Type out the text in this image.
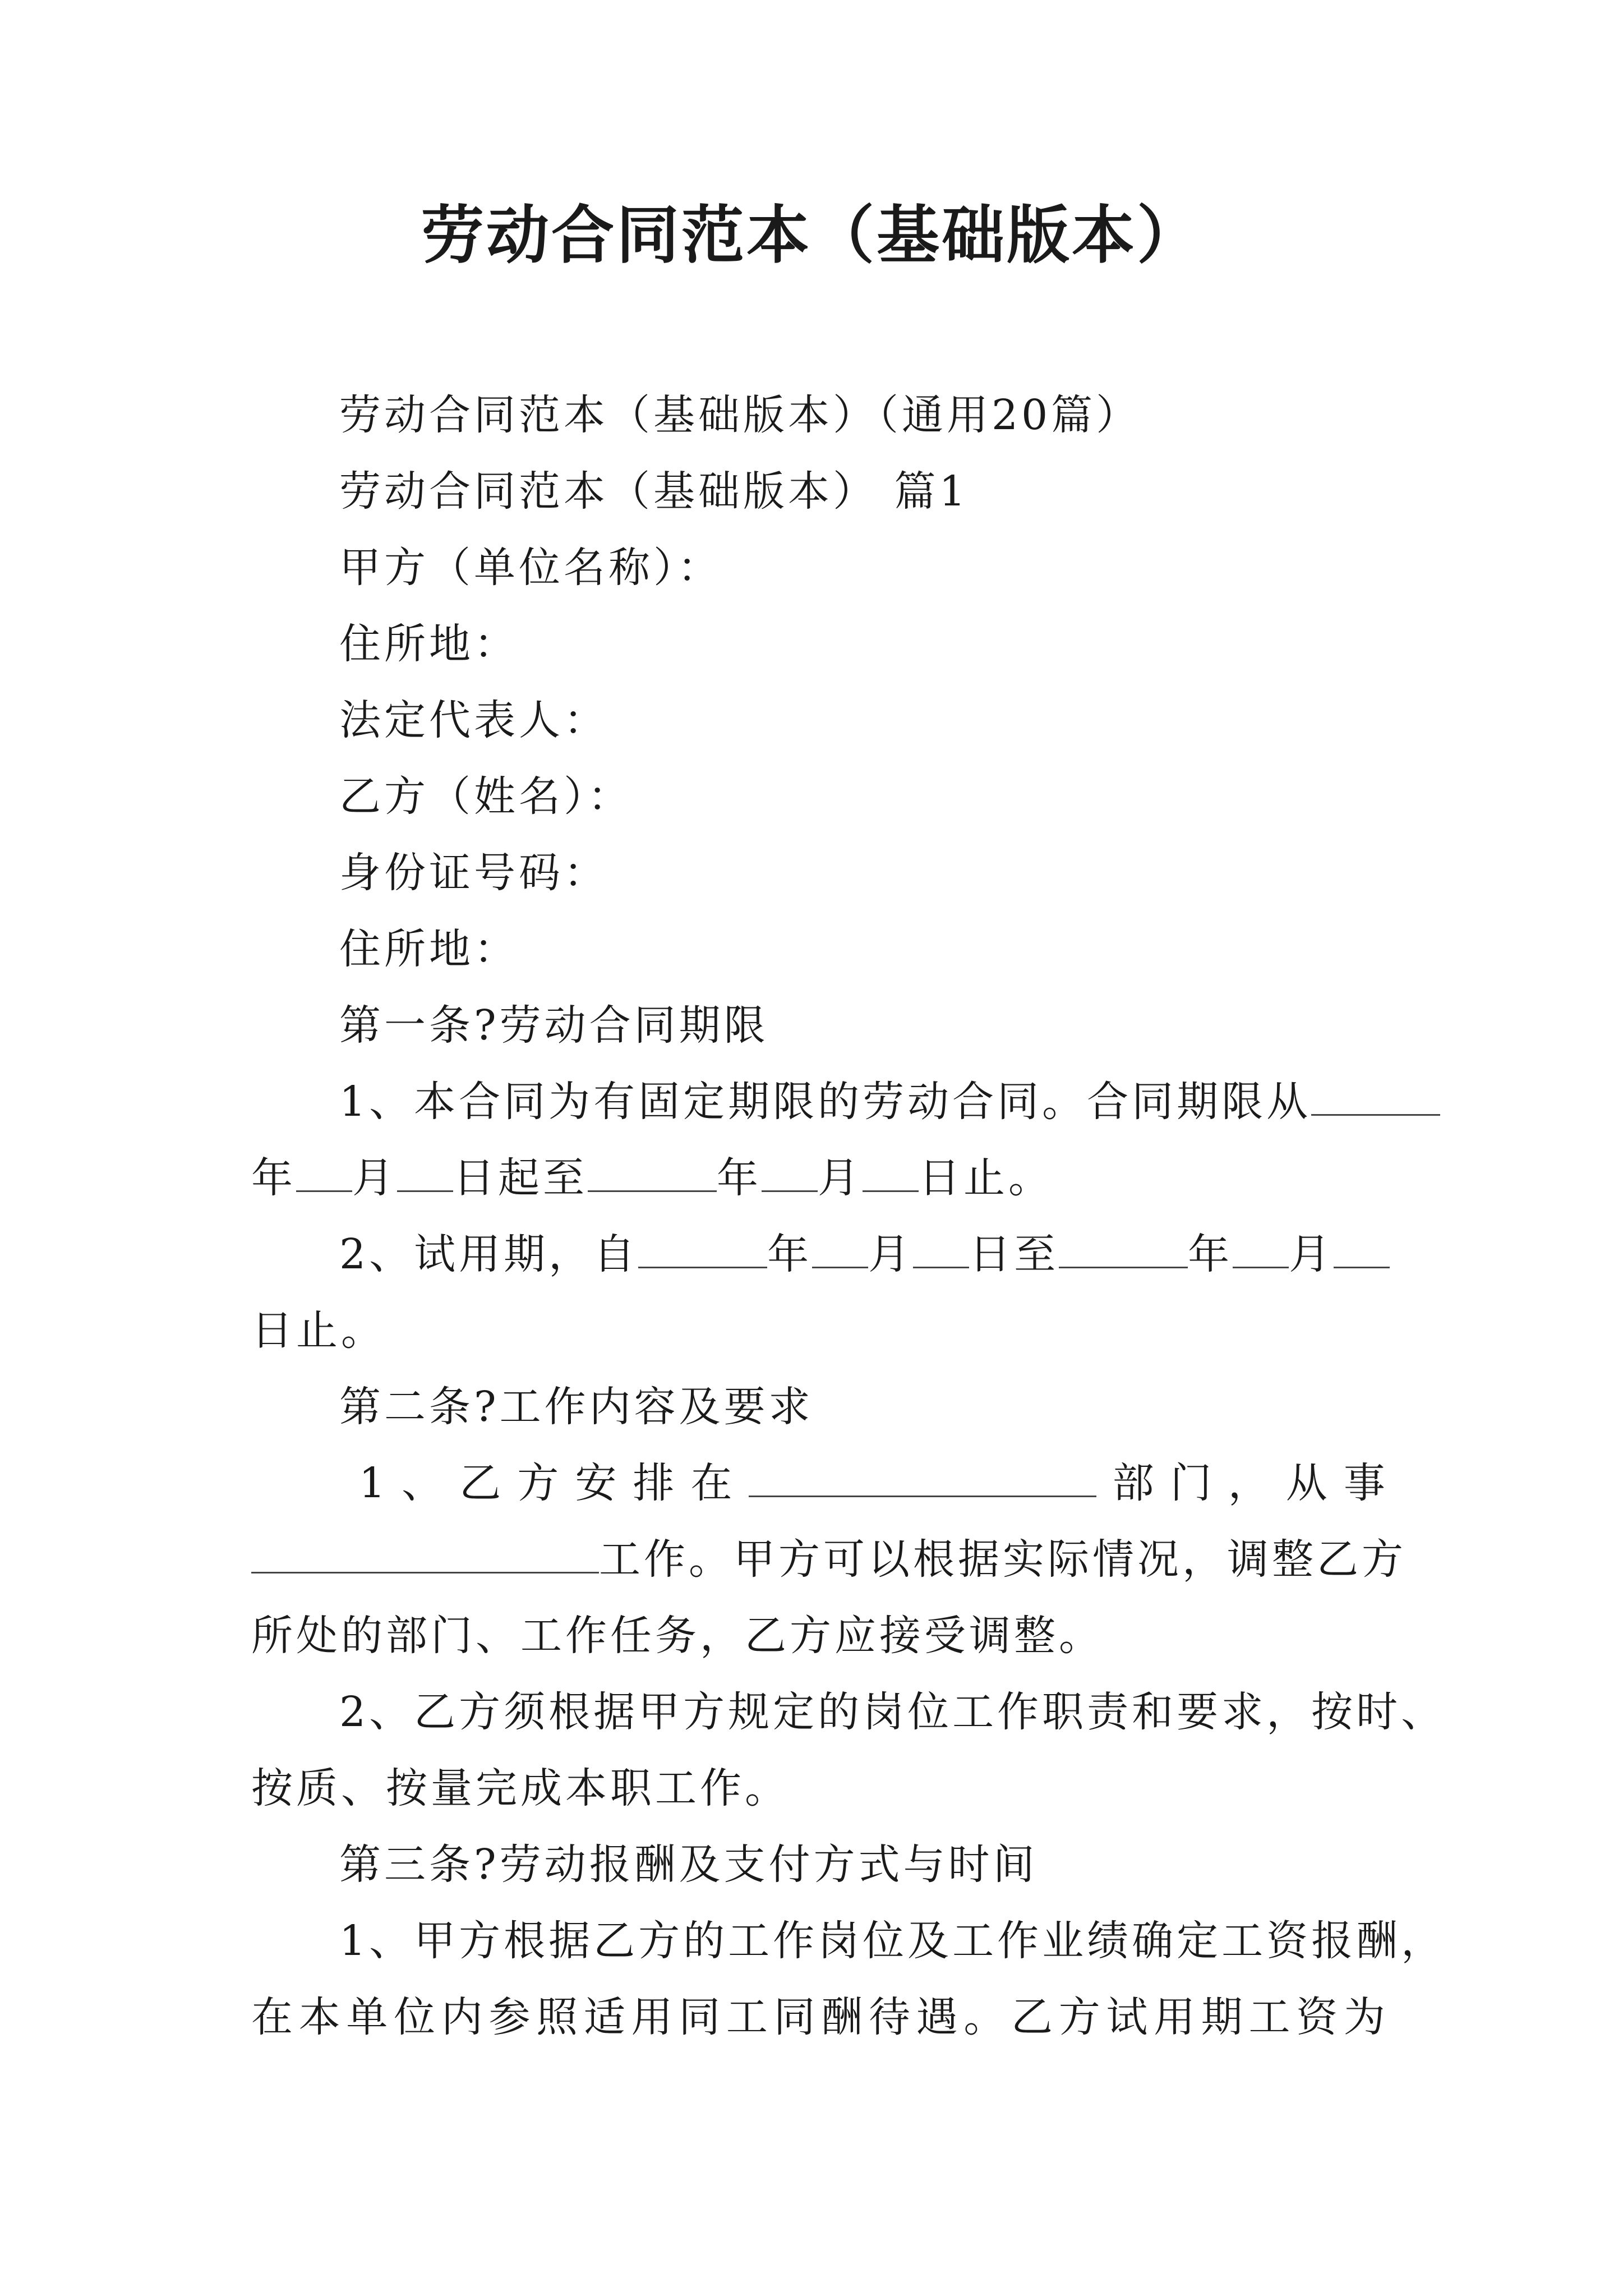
劳动合同范本（基础版本）
劳动合同范本（基础版本）（通用20篇）
劳动合同范本（基础版本） 篇1
甲方（单位名称）：
住所地：
法定代表人：
乙方（姓名）：
身份证号码：
住所地：
第一条?劳动合同期限
1、本合同为有固定期限的劳动合同。合同期限从
年 月 日起至	年 月 日止。
2、试用期，自	年 月 日至	年 月
日止。
第二条?工作内容及要求
1 、 乙 方 安 排 在	部 门 ， 从 事
工作。甲方可以根据实际情况，调整乙方
所处的部门、工作任务，乙方应接受调整。
2、乙方须根据甲方规定的岗位工作职责和要求，按时、
按质、按量完成本职工作。
第三条?劳动报酬及支付方式与时间
1、甲方根据乙方的工作岗位及工作业绩确定工资报酬，
在 本 单 位 内 参 照 适 用 同 工 同 酬 待 遇 。 乙 方 试 用 期 工 资 为
